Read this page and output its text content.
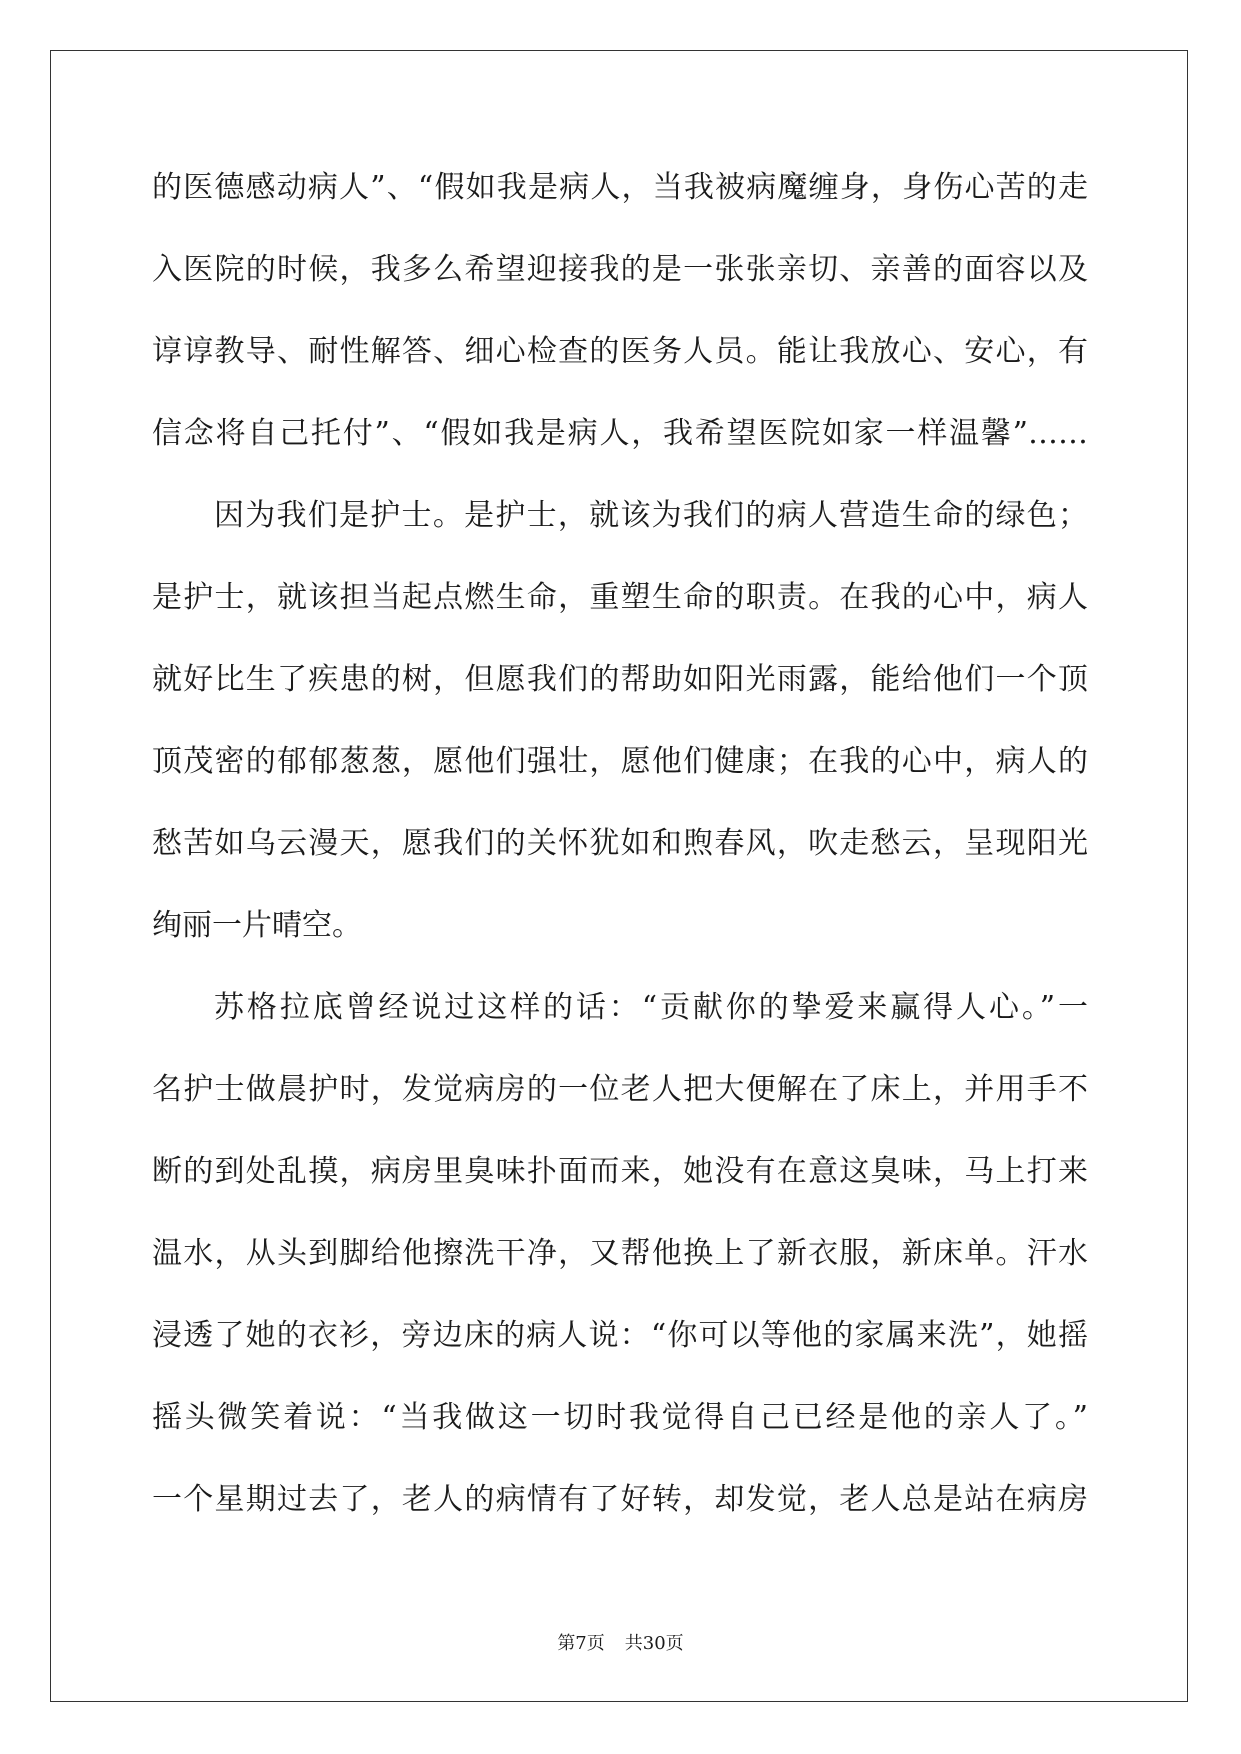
的医德感动病人”、“假如我是病人，当我被病魔缠身，身伤心苦的走
入医院的时候，我多么希望迎接我的是一张张亲切、亲善的面容以及
谆谆教导、耐性解答、细心检查的医务人员。能让我放心、安心，有
信念将自己托付”、“假如我是病人，我希望医院如家一样温馨”……
因为我们是护士。是护士，就该为我们的病人营造生命的绿色；
是护士，就该担当起点燃生命，重塑生命的职责。在我的心中，病人
就好比生了疾患的树，但愿我们的帮助如阳光雨露，能给他们一个顶
顶茂密的郁郁葱葱，愿他们强壮，愿他们健康；在我的心中，病人的
愁苦如乌云漫天，愿我们的关怀犹如和煦春风，吹走愁云，呈现阳光
绚丽一片晴空。
苏格拉底曾经说过这样的话：“贡献你的挚爱来赢得人心。”一
名护士做晨护时，发觉病房的一位老人把大便解在了床上，并用手不
断的到处乱摸，病房里臭味扑面而来，她没有在意这臭味，马上打来
温水，从头到脚给他擦洗干净，又帮他换上了新衣服，新床单。汗水
浸透了她的衣衫，旁边床的病人说：“你可以等他的家属来洗”，她摇
摇头微笑着说：“当我做这一切时我觉得自己已经是他的亲人了。”
一个星期过去了，老人的病情有了好转，却发觉，老人总是站在病房
第7页 共30页
